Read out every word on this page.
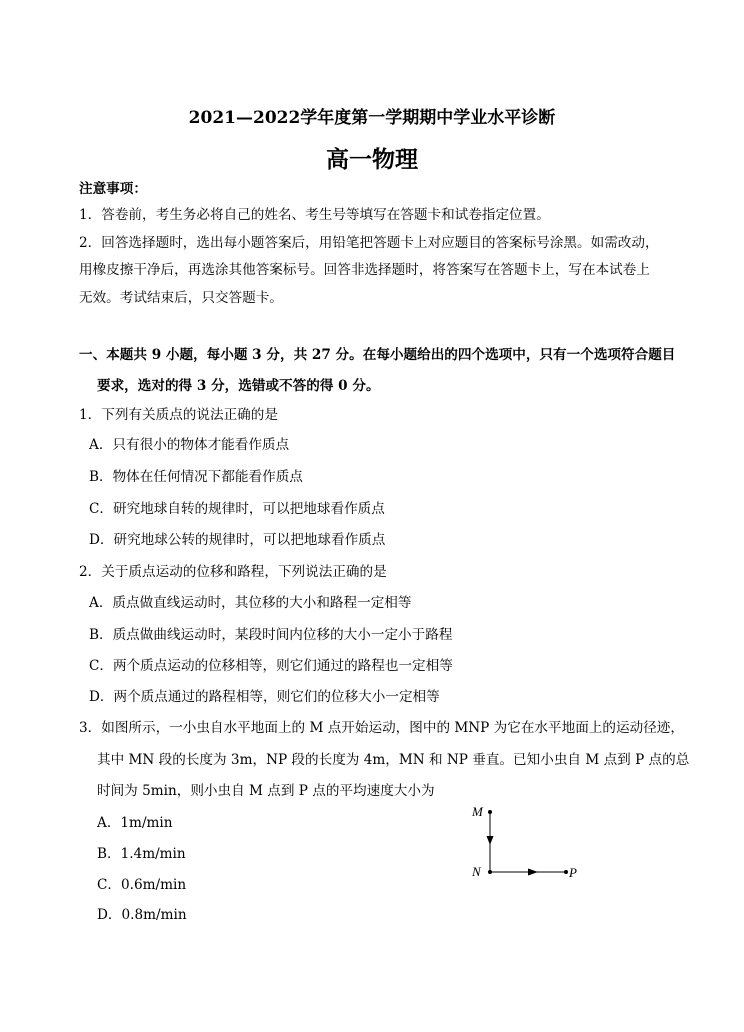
2021—2022学年度第一学期期中学业水平诊断
高一物理
注意事项：
1．答卷前，考生务必将自己的姓名、考生号等填写在答题卡和试卷指定位置。
2．回答选择题时，选出每小题答案后，用铅笔把答题卡上对应题目的答案标号涂黑。如需改动，
用橡皮擦干净后，再选涂其他答案标号。回答非选择题时，将答案写在答题卡上，写在本试卷上
无效。考试结束后，只交答题卡。
一、本题共 9 小题，每小题 3 分，共 27 分。在每小题给出的四个选项中，只有一个选项符合题目
要求，选对的得 3 分，选错或不答的得 0 分。
1．下列有关质点的说法正确的是
A．只有很小的物体才能看作质点
B．物体在任何情况下都能看作质点
C．研究地球自转的规律时，可以把地球看作质点
D．研究地球公转的规律时，可以把地球看作质点
2．关于质点运动的位移和路程，下列说法正确的是
A．质点做直线运动时，其位移的大小和路程一定相等
B．质点做曲线运动时，某段时间内位移的大小一定小于路程
C．两个质点运动的位移相等，则它们通过的路程也一定相等
D．两个质点通过的路程相等，则它们的位移大小一定相等
3．如图所示，一小虫自水平地面上的 M 点开始运动，图中的 MNP 为它在水平地面上的运动径迹，
其中 MN 段的长度为 3m，NP 段的长度为 4m，MN 和 NP 垂直。已知小虫自 M 点到 P 点的总
时间为 5min，则小虫自 M 点到 P 点的平均速度大小为
A．1m/min
B．1.4m/min
C．0.6m/min
D．0.8m/min
M
N	P
